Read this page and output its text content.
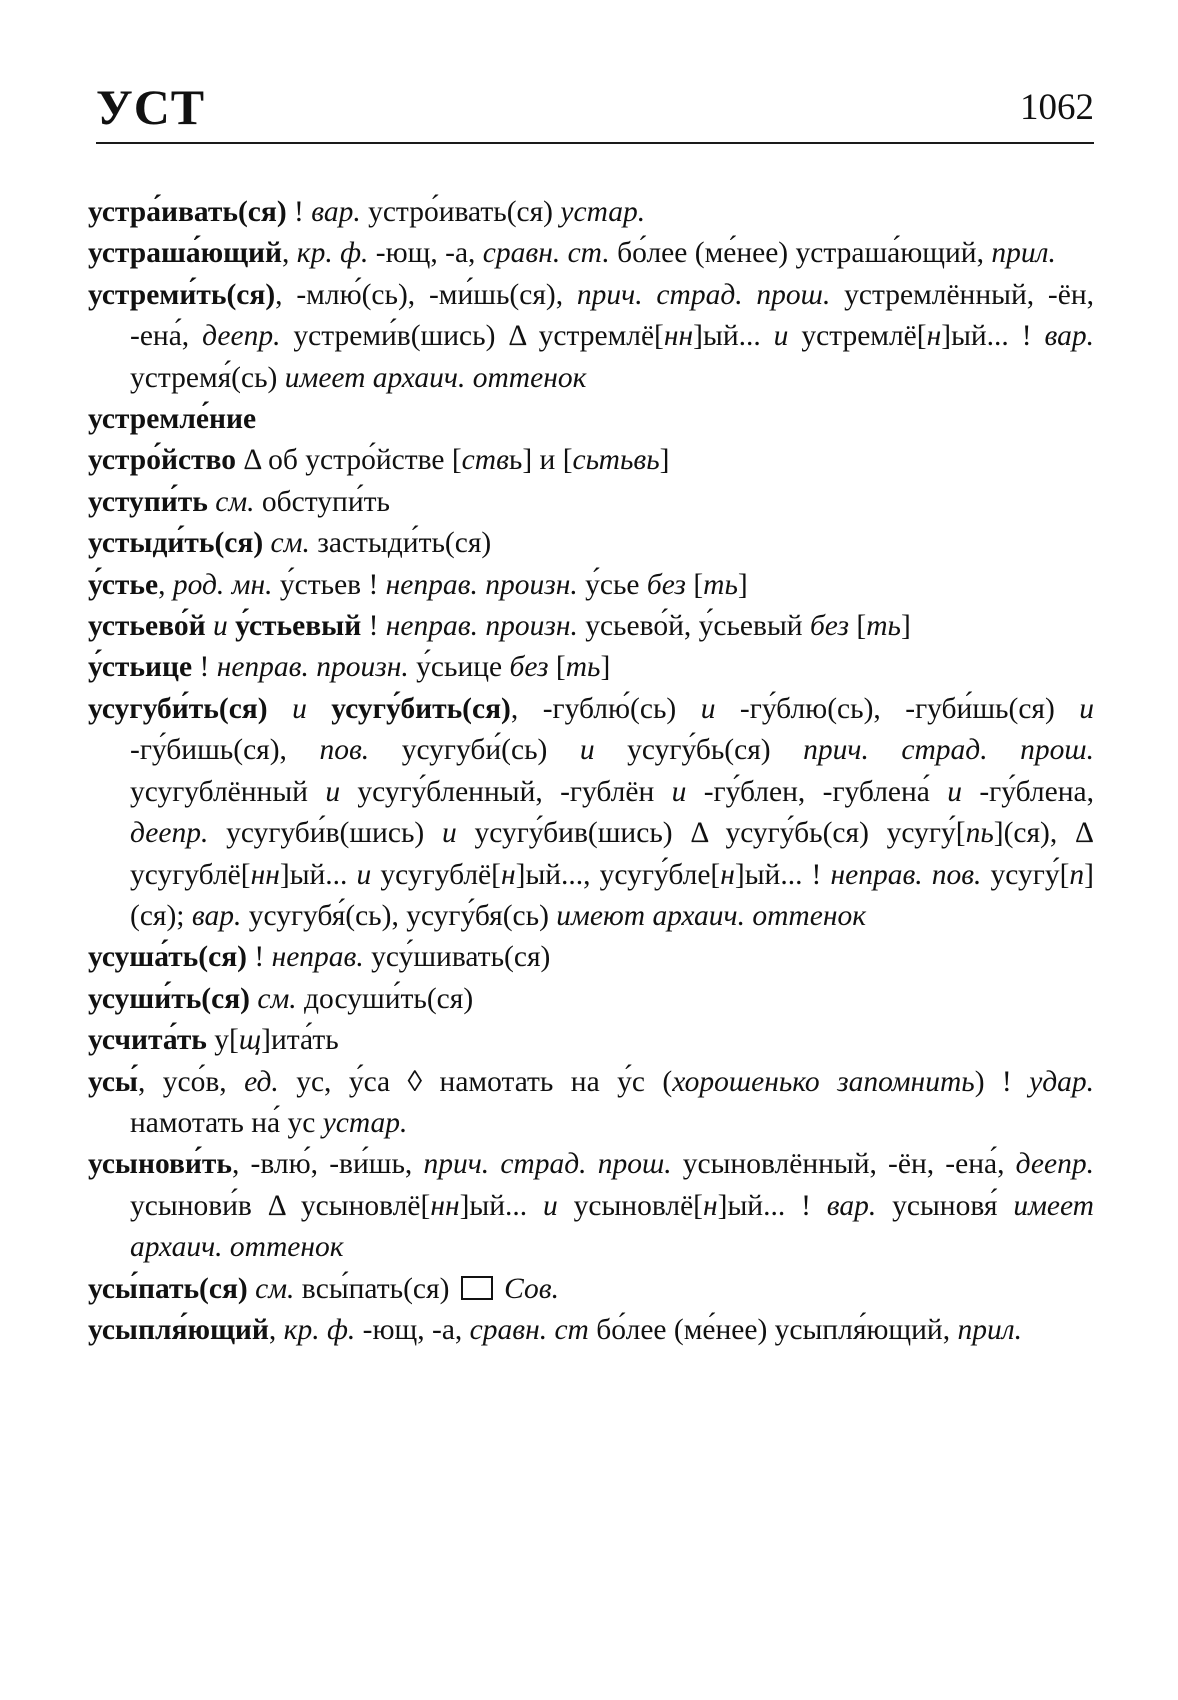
УСТ	1062

устра́ивать(ся) ! вар. устро́ивать(ся) устар.

устраша́ющий, кр. ф. -ющ, -а, сравн. ст. бо́лее (ме́нее) устраша́ющий, прил.

устреми́ть(ся), -млю́(сь), -ми́шь(ся), прич. страд. прош. устремлённый, -ён, -ена́, деепр. устреми́в(шись) Δ устремлё[нн]ый... и устремлё[н]ый... ! вар. устремя́(сь) имеет архаич. оттенок

устремле́ние

устро́йство Δ об устро́йстве [ствь] и [сьтьвь]

уступи́ть см. обступи́ть

устыди́ть(ся) см. застыди́ть(ся)

у́стье, род. мн. у́стьев ! неправ. произн. у́сье без [ть]

устьево́й и у́стьевый ! неправ. произн. усьево́й, у́сьевый без [ть]

у́стьице ! неправ. произн. у́сьице без [ть]

усугуби́ть(ся) и усугу́бить(ся), -гублю́(сь) и -гу́блю(сь), -губи́шь(ся) и -гу́бишь(ся), пов. усугуби́(сь) и усугу́бь(ся) прич. страд. прош. усугублённый и усугу́бленный, -гублён и -гу́блен, -гублена́ и -гу́блена, деепр. усугуби́в(шись) и усугу́бив(шись) Δ усугу́бь(ся) усугу́[пь](ся), Δ усугублё[нн]ый... и усугублё[н]ый..., усугу́бле[н]ый... ! неправ. пов. усугу́[п](ся); вар. усугубя́(сь), усугу́бя(сь) имеют архаич. оттенок

усуша́ть(ся) ! неправ. усу́шивать(ся)

усуши́ть(ся) см. досуши́ть(ся)

усчита́ть у[щ]ита́ть

усы́, усо́в, ед. ус, у́са ◊ намотать на у́с (хорошенько запомнить) ! удар. намотать на́ ус устар.

усынови́ть, -влю́, -ви́шь, прич. страд. прош. усыновлённый, -ён, -ена́, деепр. усынови́в Δ усыновлё[нн]ый... и усыновлё[н]ый... ! вар. усыновя́ имеет архаич. оттенок

усы́пать(ся) см. вcы́пать(ся)  Сов.

усыпля́ющий, кр. ф. -ющ, -а, сравн. ст бо́лее (ме́нее) усыпля́ющий, прил.
